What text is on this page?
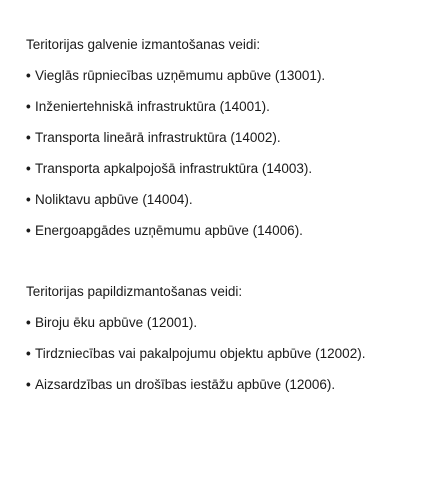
Teritorijas galvenie izmantošanas veidi:

• Vieglās rūpniecības uzņēmumu apbūve (13001).
• Inženiertehniskā infrastruktūra (14001).
• Transporta lineārā infrastruktūra (14002).
• Transporta apkalpojošā infrastruktūra (14003).
• Noliktavu apbūve (14004).
• Energoapgādes uzņēmumu apbūve (14006).

Teritorijas papildizmantošanas veidi:

• Biroju ēku apbūve (12001).
• Tirdzniecības vai pakalpojumu objektu apbūve (12002).
• Aizsardzības un drošības iestāžu apbūve (12006).
